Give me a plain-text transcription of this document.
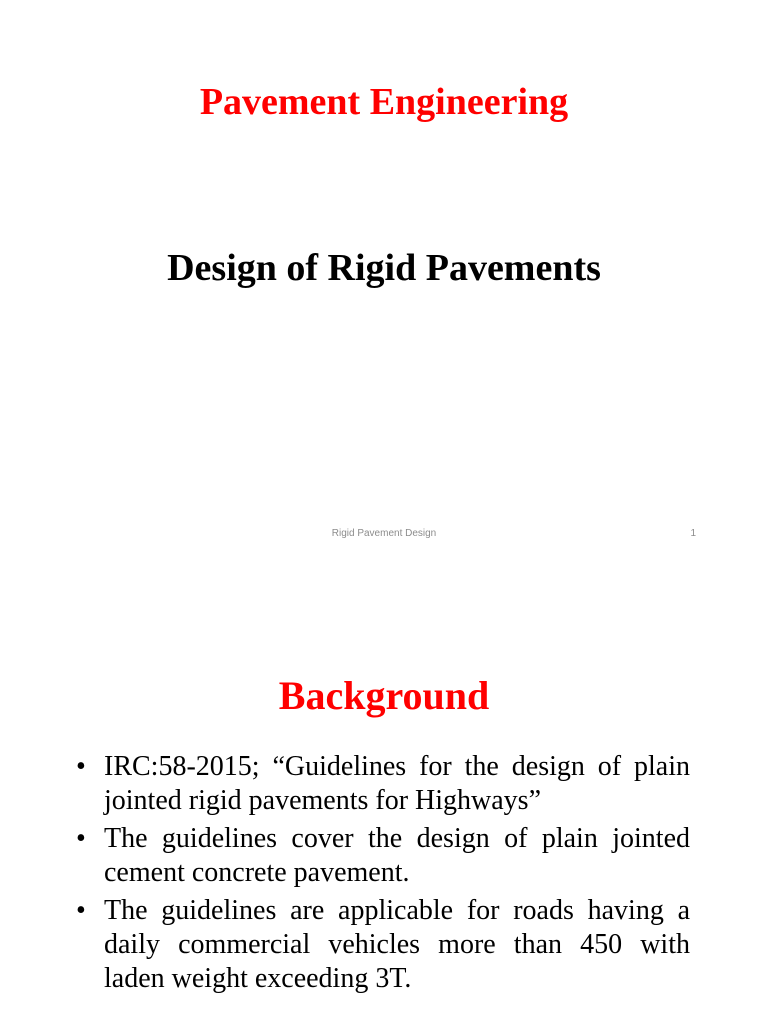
Pavement Engineering
Design of Rigid Pavements
Rigid Pavement Design	1
Background
• IRC:58-2015; “Guidelines for the design of plain jointed rigid pavements for Highways”
• The guidelines cover the design of plain jointed cement concrete pavement.
• The guidelines are applicable for roads having a daily commercial vehicles more than 450 with laden weight exceeding 3T.
